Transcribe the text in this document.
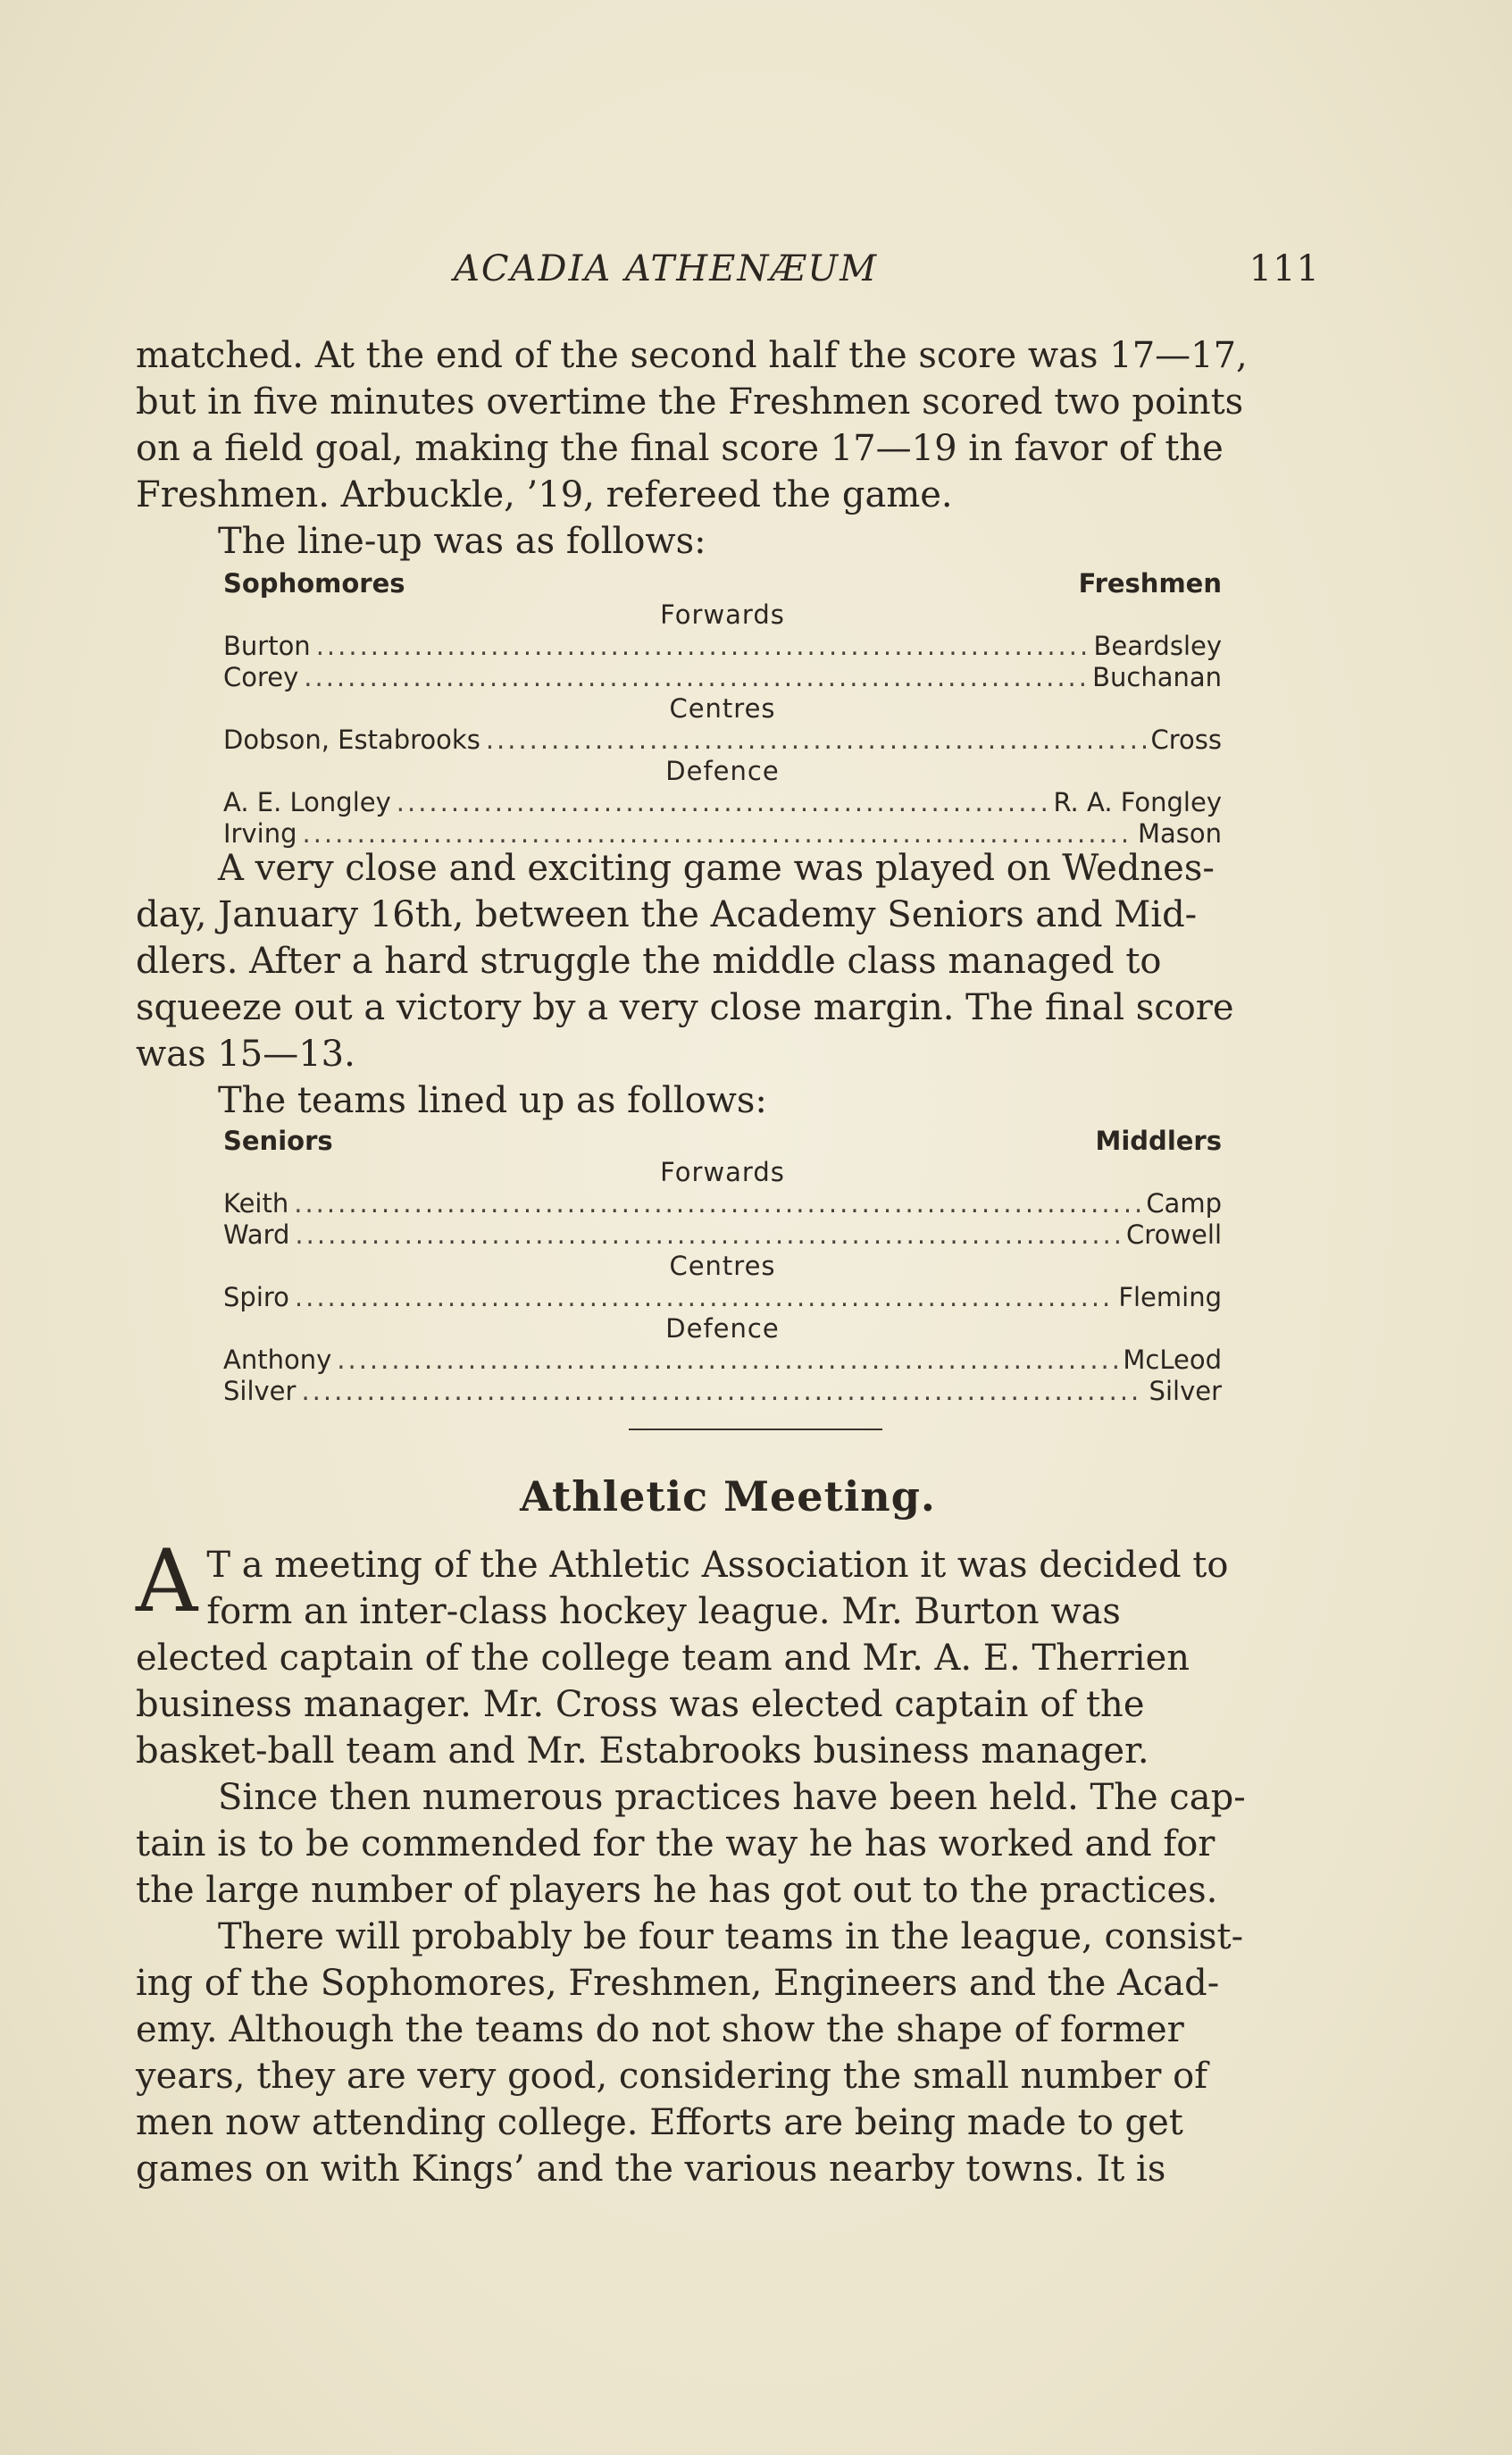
ACADIA ATHENÆUM	111
matched. At the end of the second half the score was 17—17,
but in five minutes overtime the Freshmen scored two points
on a field goal, making the final score 17—19 in favor of the
Freshmen. Arbuckle, ’19, refereed the game.
The line-up was as follows:
Sophomores	Freshmen
Forwards
Burton .....	Beardsley
Corey .....	Buchanan
Centres
Dobson, Estabrooks .....	Cross
Defence
A. E. Longley .....	R. A. Fongley
Irving .....	Mason
A very close and exciting game was played on Wednes-
day, January 16th, between the Academy Seniors and Mid-
dlers. After a hard struggle the middle class managed to
squeeze out a victory by a very close margin. The final score
was 15—13.
The teams lined up as follows:
Seniors	Middlers
Forwards
Keith .....	Camp
Ward .....	Crowell
Centres
Spiro .....	Fleming
Defence
Anthony .....	McLeod
Silver .....	Silver
Athletic Meeting.
A T a meeting of the Athletic Association it was decided to
form an inter-class hockey league. Mr. Burton was
elected captain of the college team and Mr. A. E. Therrien
business manager. Mr. Cross was elected captain of the
basket-ball team and Mr. Estabrooks business manager.
Since then numerous practices have been held. The cap-
tain is to be commended for the way he has worked and for
the large number of players he has got out to the practices.
There will probably be four teams in the league, consist-
ing of the Sophomores, Freshmen, Engineers and the Acad-
emy. Although the teams do not show the shape of former
years, they are very good, considering the small number of
men now attending college. Efforts are being made to get
games on with Kings’ and the various nearby towns. It is
